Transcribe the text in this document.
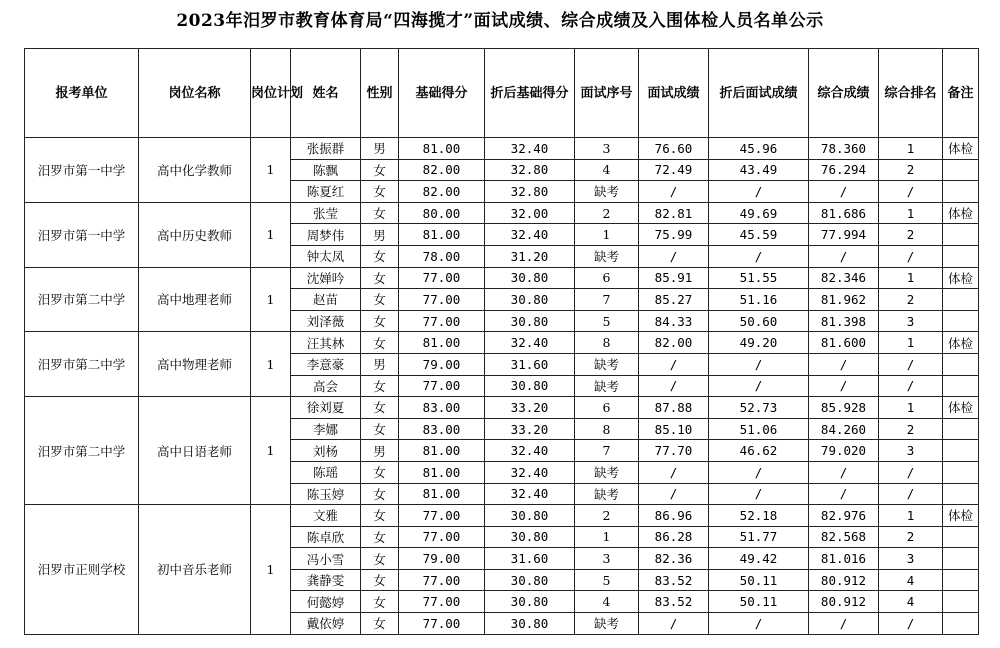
2023年汨罗市教育体育局“四海揽才”面试成绩、综合成绩及入围体检人员名单公示
报考单位	岗位名称	岗位计划	姓名	性别	基础得分	折后基础得分	面试序号	面试成绩	折后面试成绩	综合成绩	综合排名	备注
汨罗市第一中学	高中化学教师	1	张振群	男	81.00	32.40	3	76.60	45.96	78.360	1	体检
			陈飘	女	82.00	32.80	4	72.49	43.49	76.294	2	
			陈夏红	女	82.00	32.80	缺考	/	/	/	/	
汨罗市第一中学	高中历史教师	1	张莹	女	80.00	32.00	2	82.81	49.69	81.686	1	体检
			周梦伟	男	81.00	32.40	1	75.99	45.59	77.994	2	
			钟太凤	女	78.00	31.20	缺考	/	/	/	/	
汨罗市第二中学	高中地理老师	1	沈婵吟	女	77.00	30.80	6	85.91	51.55	82.346	1	体检
			赵苗	女	77.00	30.80	7	85.27	51.16	81.962	2	
			刘泽薇	女	77.00	30.80	5	84.33	50.60	81.398	3	
汨罗市第二中学	高中物理老师	1	汪其林	女	81.00	32.40	8	82.00	49.20	81.600	1	体检
			李意豪	男	79.00	31.60	缺考	/	/	/	/	
			高会	女	77.00	30.80	缺考	/	/	/	/	
汨罗市第二中学	高中日语老师	1	徐刘夏	女	83.00	33.20	6	87.88	52.73	85.928	1	体检
			李娜	女	83.00	33.20	8	85.10	51.06	84.260	2	
			刘杨	男	81.00	32.40	7	77.70	46.62	79.020	3	
			陈瑶	女	81.00	32.40	缺考	/	/	/	/	
			陈玉婷	女	81.00	32.40	缺考	/	/	/	/	
汨罗市正则学校	初中音乐老师	1	文雅	女	77.00	30.80	2	86.96	52.18	82.976	1	体检
			陈卓欣	女	77.00	30.80	1	86.28	51.77	82.568	2	
			冯小雪	女	79.00	31.60	3	82.36	49.42	81.016	3	
			龚静雯	女	77.00	30.80	5	83.52	50.11	80.912	4	
			何懿婷	女	77.00	30.80	4	83.52	50.11	80.912	4	
			戴依婷	女	77.00	30.80	缺考	/	/	/	/	
